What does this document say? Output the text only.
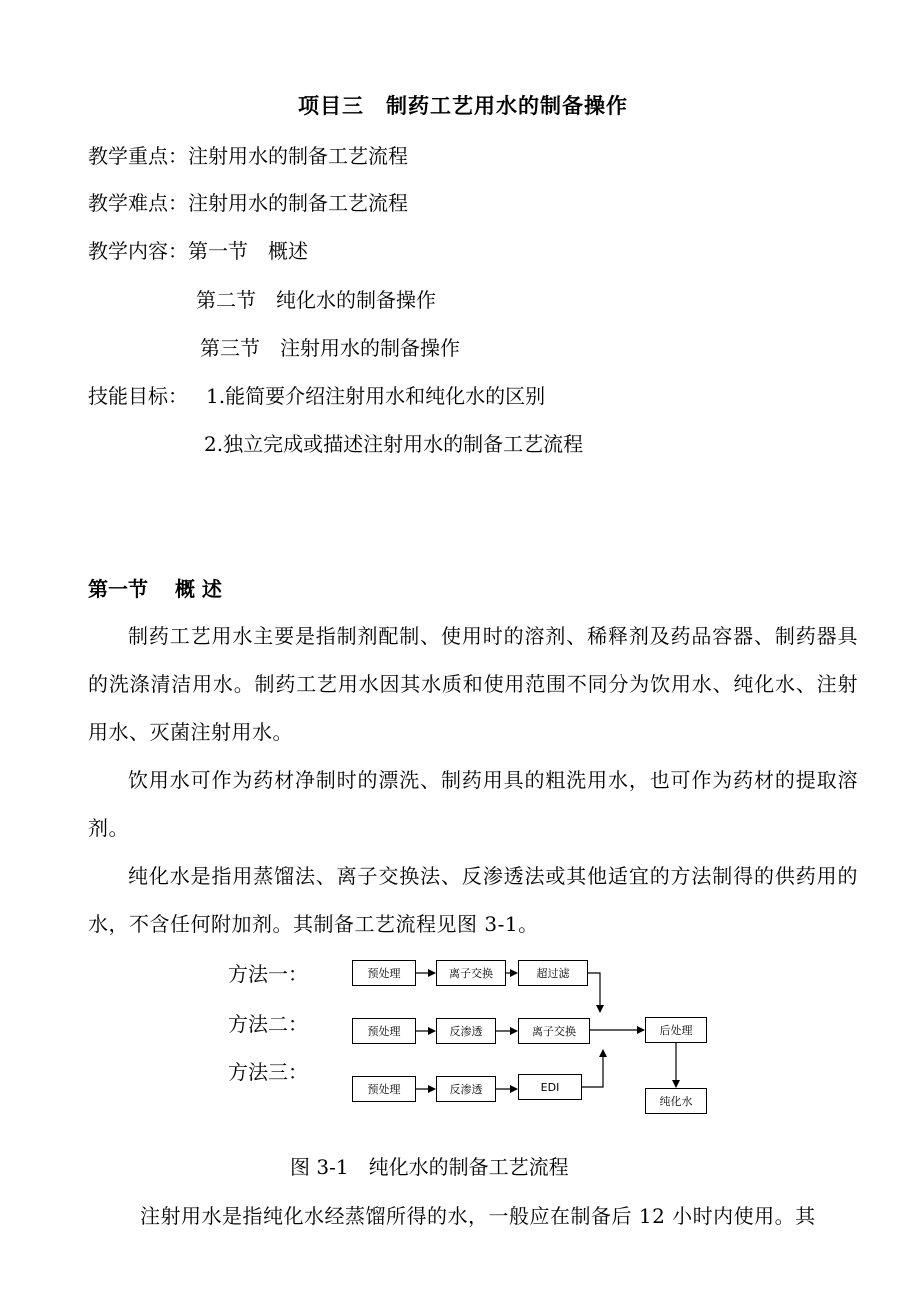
项目三　制药工艺用水的制备操作
教学重点：注射用水的制备工艺流程
教学难点：注射用水的制备工艺流程
教学内容：第一节　概述
第二节　纯化水的制备操作
第三节　注射用水的制备操作
技能目标： 1.能简要介绍注射用水和纯化水的区别
2.独立完成或描述注射用水的制备工艺流程
第一节　 概 述
制药工艺用水主要是指制剂配制、使用时的溶剂、稀释剂及药品容器、制药器具的洗涤清洁用水。制药工艺用水因其水质和使用范围不同分为饮用水、纯化水、注射用水、灭菌注射用水。
饮用水可作为药材净制时的漂洗、制药用具的粗洗用水，也可作为药材的提取溶剂。
纯化水是指用蒸馏法、离子交换法、反渗透法或其他适宜的方法制得的供药用的水，不含任何附加剂。其制备工艺流程见图 3-1。
方法一：
方法二：
方法三：
预处理	离子交换	超过滤
预处理	反渗透	离子交换
预处理	反渗透	EDI
后处理
纯化水
图 3-1　纯化水的制备工艺流程
注射用水是指纯化水经蒸馏所得的水，一般应在制备后 12 小时内使用。其
